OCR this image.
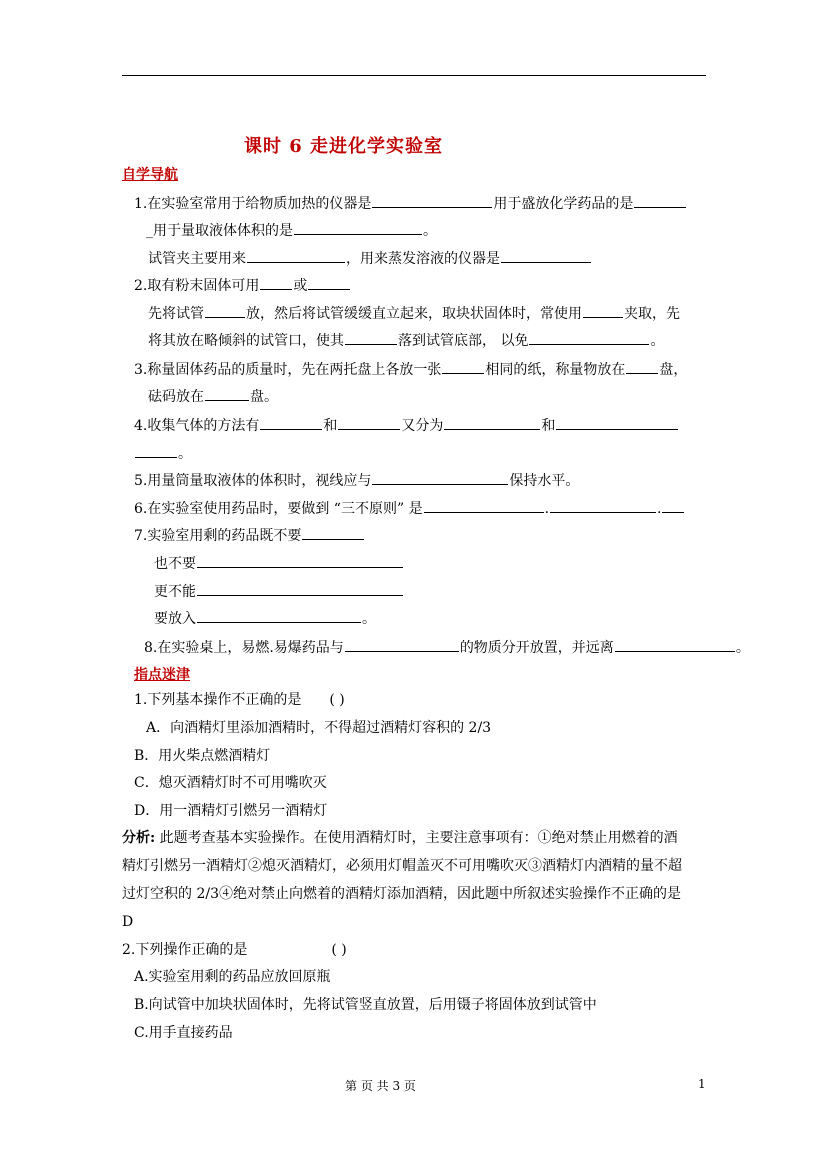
课时 6 走进化学实验室
自学导航
1.在实验室常用于给物质加热的仪器是	用于盛放化学药品的是
_用于量取液体体积的是	。
试管夹主要用来	，用来蒸发溶液的仪器是
2.取有粉末固体可用 或
先将试管	放，然后将试管缓缓直立起来，取块状固体时，常使用	夹取，先
将其放在略倾斜的试管口，使其	落到试管底部， 以免	。
3.称量固体药品的质量时，先在两托盘上各放一张	相同的纸，称量物放在 盘，
砝码放在	盘。
4.收集气体的方法有	和	又分为	和
。
5.用量筒量取液体的体积时，视线应与	保持水平。
6.在实验室使用药品时，要做到 “三不原则” 是	.	.
7.实验室用剩的药品既不要
也不要
更不能
要放入	。
8.在实验桌上，易燃.易爆药品与	的物质分开放置，并远离	。
指点迷津
1.下列基本操作不正确的是 ( )
A．向酒精灯里添加酒精时，不得超过酒精灯容积的 2/3
B．用火柴点燃酒精灯
C．熄灭酒精灯时不可用嘴吹灭
D．用一酒精灯引燃另一酒精灯
分析: 此题考查基本实验操作。在使用酒精灯时，主要注意事项有：①绝对禁止用燃着的酒
精灯引燃另一酒精灯②熄灭酒精灯，必须用灯帽盖灭不可用嘴吹灭③酒精灯内酒精的量不超
过灯空积的 2/3④绝对禁止向燃着的酒精灯添加酒精，因此题中所叙述实验操作不正确的是
D
2.下列操作正确的是	( )
A.实验室用剩的药品应放回原瓶
B.向试管中加块状固体时，先将试管竖直放置，后用镊子将固体放到试管中
C.用手直接药品
第 页 共 3 页	1
